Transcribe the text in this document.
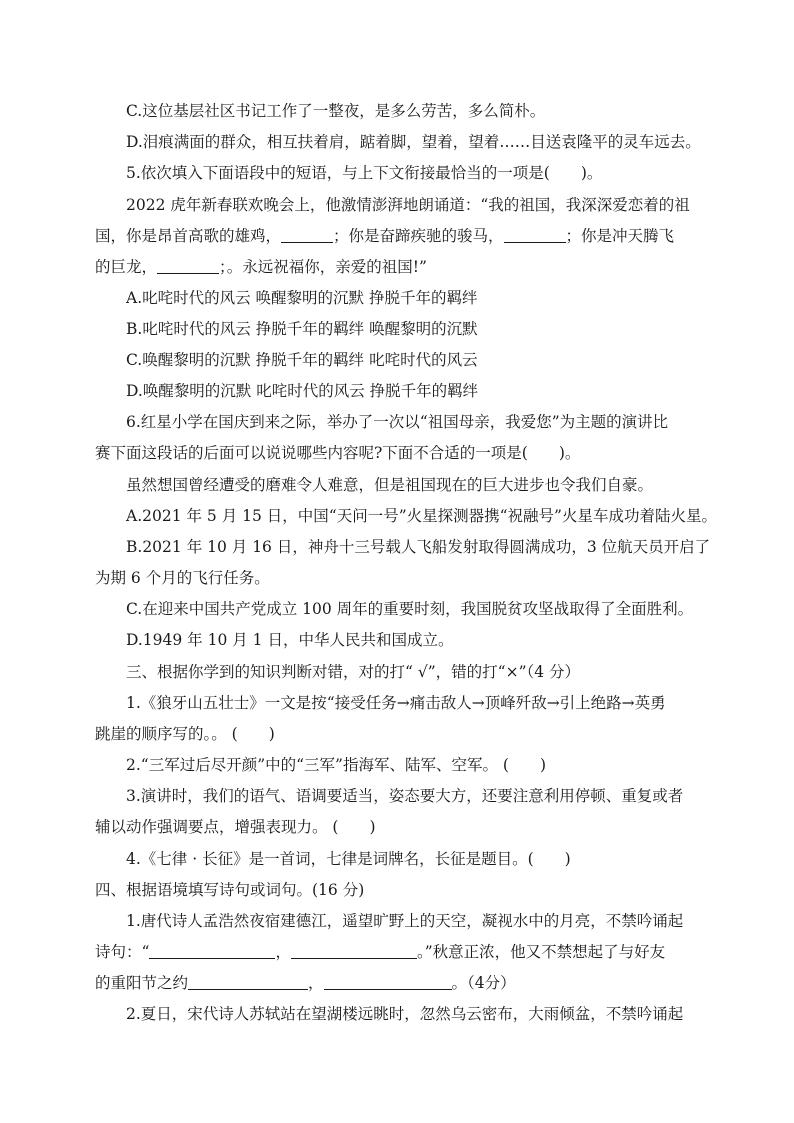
C.这位基层社区书记工作了一整夜，是多么劳苦，多么简朴。
D.泪痕满面的群众，相互扶着肩，踮着脚，望着，望着……目送袁隆平的灵车远去。
5.依次填入下面语段中的短语，与上下文衔接最恰当的一项是(　　)。
2022 虎年新春联欢晚会上，他激情澎湃地朗诵道：“我的祖国，我深深爱恋着的祖
国，你是昂首高歌的雄鸡，	；你是奋蹄疾驰的骏马，	；你是冲天腾飞
的巨龙，	；。永远祝福你，亲爱的祖国!”
A.叱咤时代的风云 唤醒黎明的沉默 挣脱千年的羁绊
B.叱咤时代的风云 挣脱千年的羁绊 唤醒黎明的沉默
C.唤醒黎明的沉默 挣脱千年的羁绊 叱咤时代的风云
D.唤醒黎明的沉默 叱咤时代的风云 挣脱千年的羁绊
6.红星小学在国庆到来之际，举办了一次以“祖国母亲，我爱您”为主题的演讲比
赛下面这段话的后面可以说说哪些内容呢?下面不合适的一项是(　　)。
虽然想国曾经遭受的磨难令人难意，但是祖国现在的巨大进步也令我们自豪。
A.2021 年 5 月 15 日，中国“天问一号”火星探测器携“祝融号”火星车成功着陆火星。
B.2021 年 10 月 16 日，神舟十三号载人飞船发射取得圆满成功，3 位航天员开启了
为期 6 个月的飞行任务。
C.在迎来中国共产党成立 100 周年的重要时刻，我国脱贫攻坚战取得了全面胜利。
D.1949 年 10 月 1 日，中华人民共和国成立。
三、根据你学到的知识判断对错，对的打“ √”，错的打“×”（4 分）
1.《狼牙山五壮士》一文是按“接受任务→痛击敌人→顶峰歼敌→引上绝路→英勇
跳崖的顺序写的。。 (　　)
2.“三军过后尽开颜”中的“三军”指海军、陆军、空军。 (　　)
3.演讲时，我们的语气、语调要适当，姿态要大方，还要注意利用停顿、重复或者
辅以动作强调要点，增强表现力。 (　　)
4.《七律 · 长征》是一首词，七律是词牌名，长征是题目。(　　)
四、根据语境填写诗句或词句。(16 分)
1.唐代诗人孟浩然夜宿建德江，遥望旷野上的天空，凝视水中的月亮，不禁吟诵起
诗句：“	，	。”秋意正浓，他又不禁想起了与好友
的重阳节之约	，	。（4分）
2.夏日，宋代诗人苏轼站在望湖楼远眺时，忽然乌云密布，大雨倾盆，不禁吟诵起
